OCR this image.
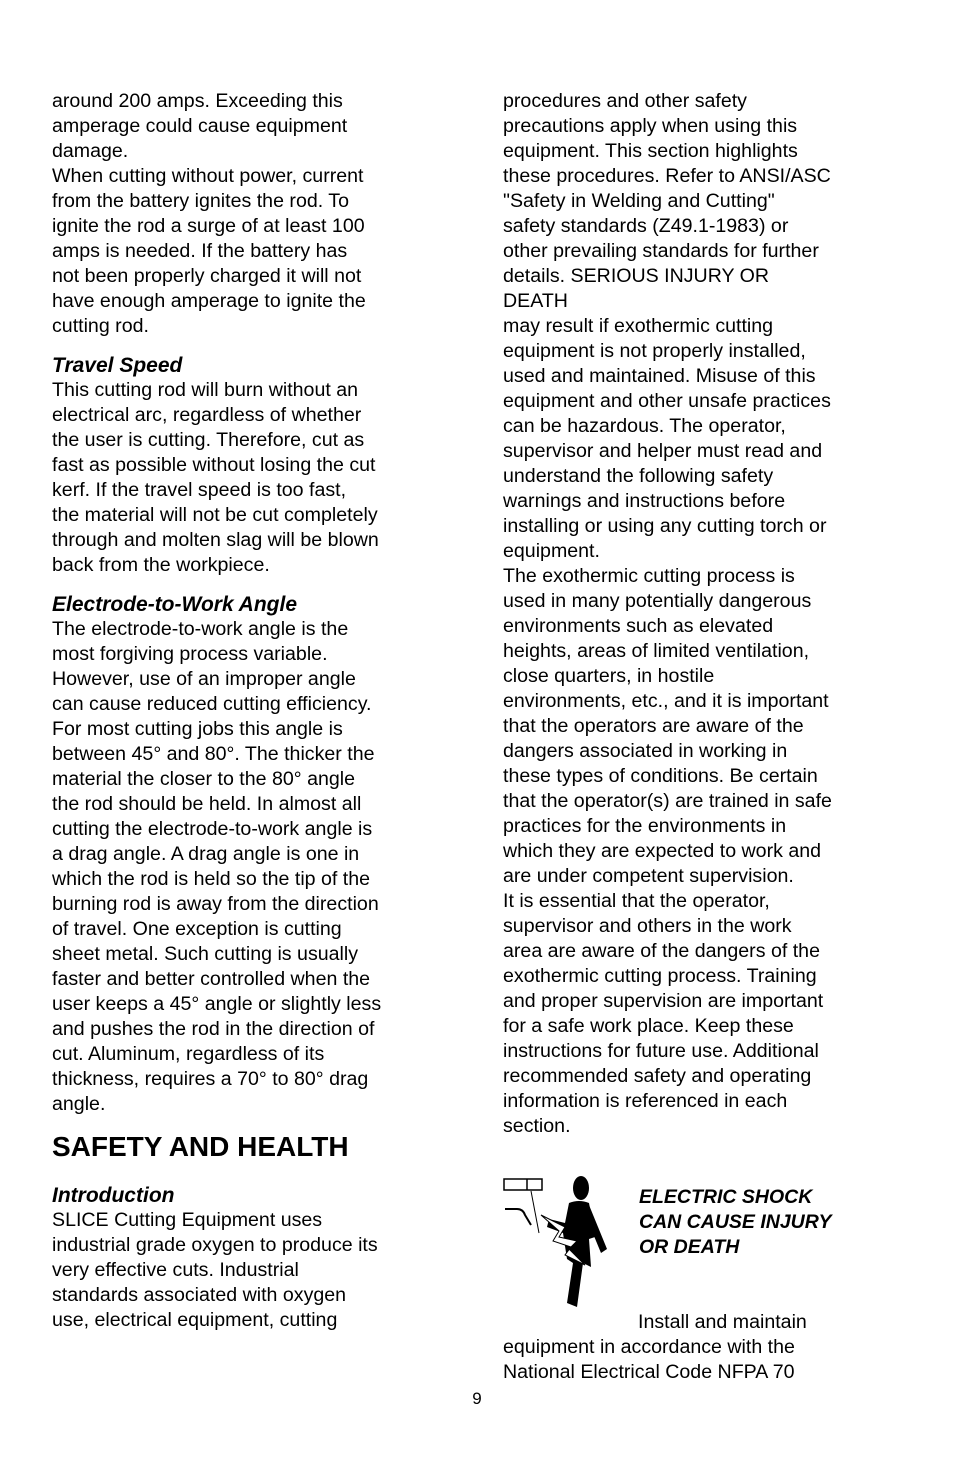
around 200 amps. Exceeding this
amperage could cause equipment
damage.
When cutting without power, current
from the battery ignites the rod. To
ignite the rod a surge of at least 100
amps is needed. If the battery has
not been properly charged it will not
have enough amperage to ignite the
cutting rod.
Travel Speed
This cutting rod will burn without an
electrical arc, regardless of whether
the user is cutting. Therefore, cut as
fast as possible without losing the cut
kerf. If the travel speed is too fast,
the material will not be cut completely
through and molten slag will be blown
back from the workpiece.
Electrode-to-Work Angle
The electrode-to-work angle is the
most forgiving process variable.
However, use of an improper angle
can cause reduced cutting efficiency.
For most cutting jobs this angle is
between 45° and 80°. The thicker the
material the closer to the 80° angle
the rod should be held. In almost all
cutting the electrode-to-work angle is
a drag angle. A drag angle is one in
which the rod is held so the tip of the
burning rod is away from the direction
of travel. One exception is cutting
sheet metal. Such cutting is usually
faster and better controlled when the
user keeps a 45° angle or slightly less
and pushes the rod in the direction of
cut. Aluminum, regardless of its
thickness, requires a 70° to 80° drag
angle.
SAFETY AND HEALTH
Introduction
SLICE Cutting Equipment uses
industrial grade oxygen to produce its
very effective cuts. Industrial
standards associated with oxygen
use, electrical equipment, cutting
procedures and other safety
precautions apply when using this
equipment. This section highlights
these procedures. Refer to ANSI/ASC
"Safety in Welding and Cutting"
safety standards (Z49.1-1983) or
other prevailing standards for further
details. SERIOUS INJURY OR
DEATH
may result if exothermic cutting
equipment is not properly installed,
used and maintained. Misuse of this
equipment and other unsafe practices
can be hazardous. The operator,
supervisor and helper must read and
understand the following safety
warnings and instructions before
installing or using any cutting torch or
equipment.
The exothermic cutting process is
used in many potentially dangerous
environments such as elevated
heights, areas of limited ventilation,
close quarters, in hostile
environments, etc., and it is important
that the operators are aware of the
dangers associated in working in
these types of conditions. Be certain
that the operator(s) are trained in safe
practices for the environments in
which they are expected to work and
are under competent supervision.
It is essential that the operator,
supervisor and others in the work
area are aware of the dangers of the
exothermic cutting process. Training
and proper supervision are important
for a safe work place. Keep these
instructions for future use. Additional
recommended safety and operating
information is referenced in each
section.
ELECTRIC SHOCK
CAN CAUSE INJURY
OR DEATH
Install and maintain
equipment in accordance with the
National Electrical Code NFPA 70
9
